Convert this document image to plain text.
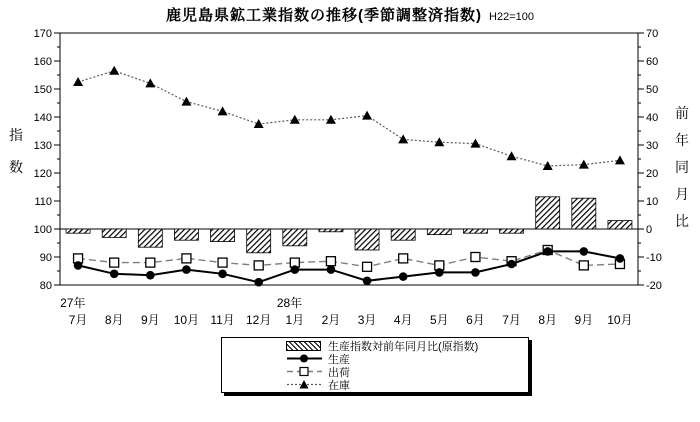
鹿児島県鉱工業指数の推移(季節調整済指数) H22=100
80
90
100
110
120
130
140
150
160
170
-20
-10
0
10
20
30
40
50
60
70
指
数
前
年
同
月
比
7月 8月 9月 10月 11月 12月 1月 2月 3月 4月 5月 6月 7月 8月 9月 10月
27年	28年
生産指数対前年同月比(原指数)
生産
出荷
在庫
